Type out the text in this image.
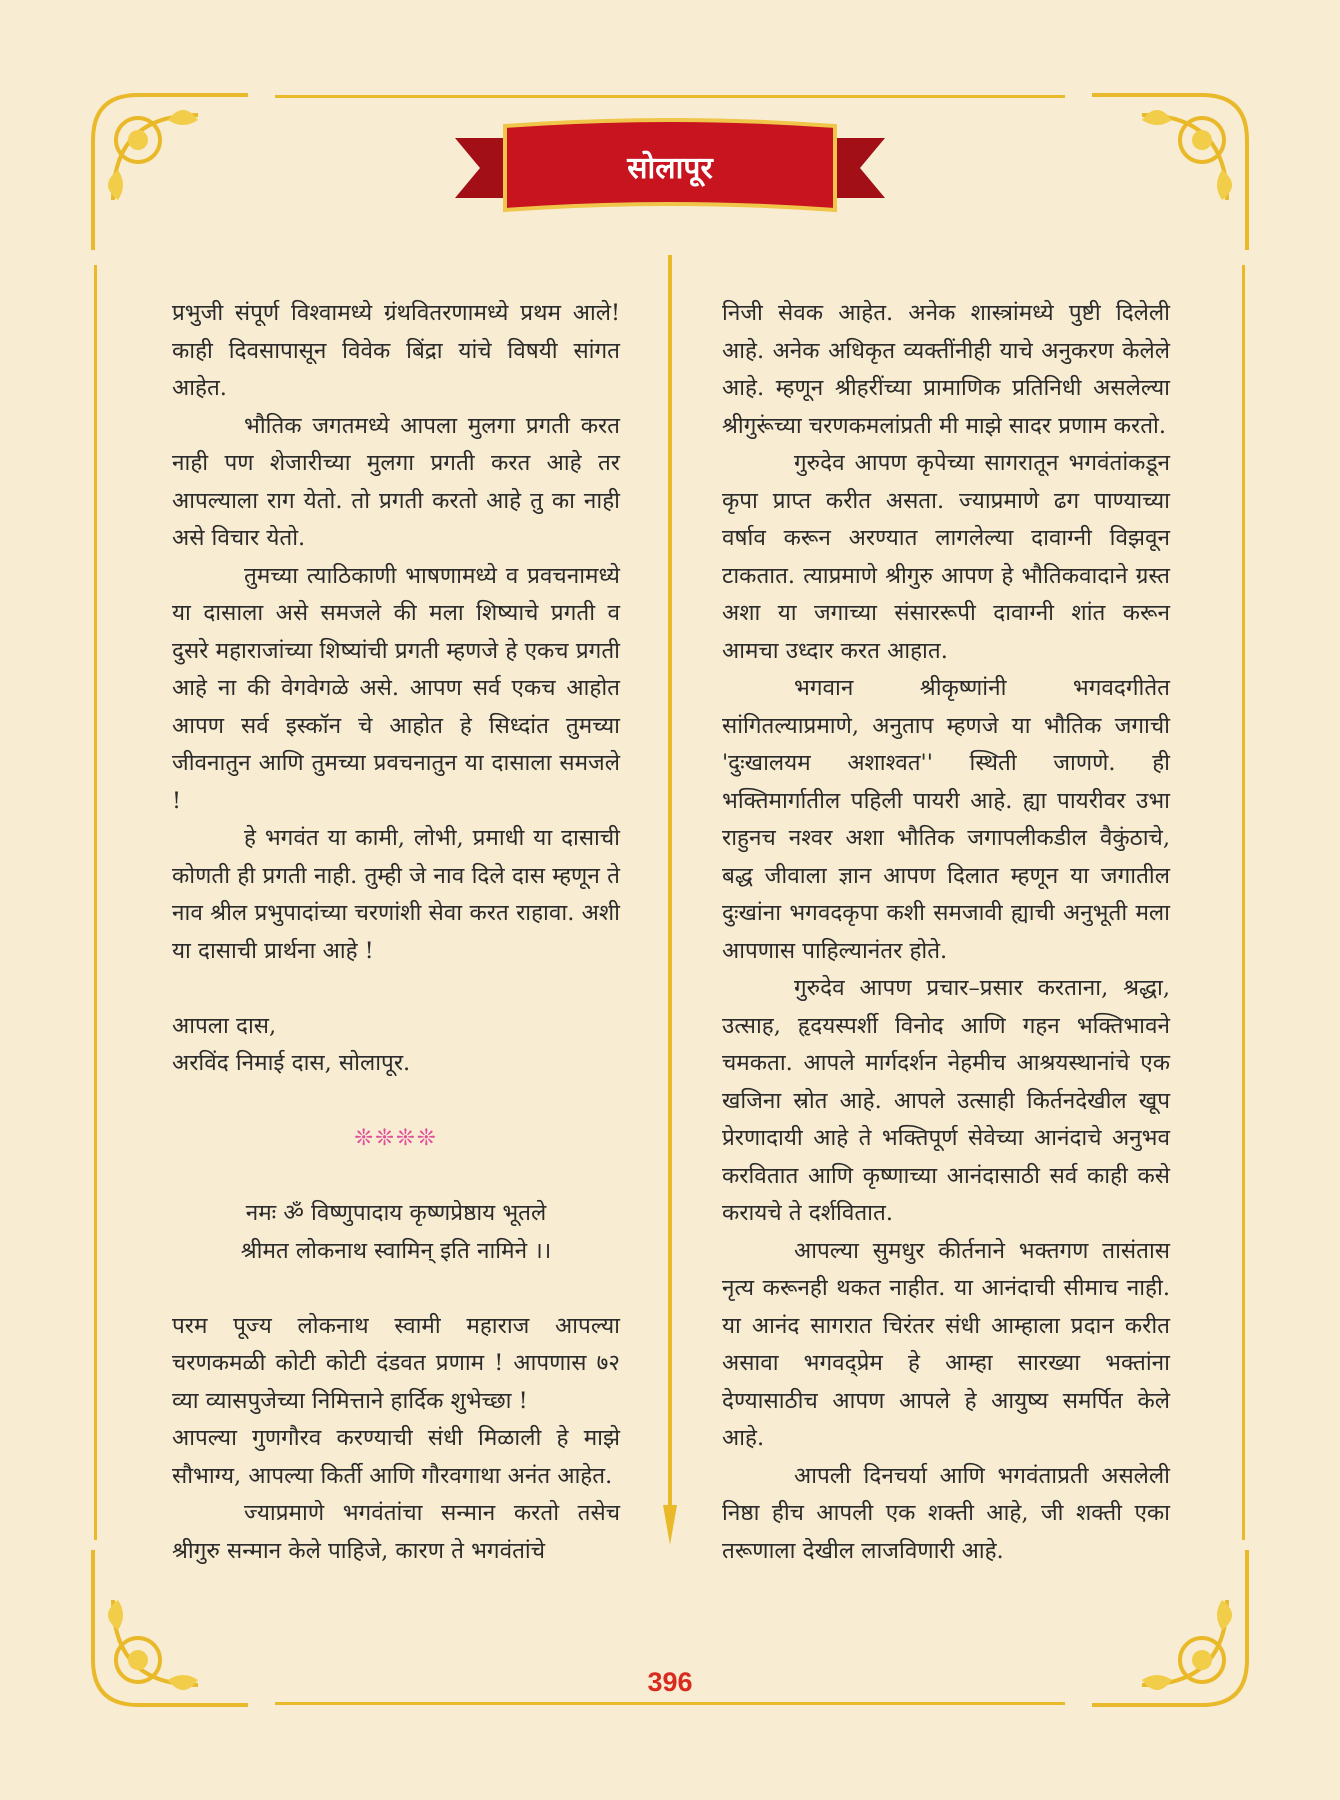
सोलापूर

प्रभुजी संपूर्ण विश्वामध्ये ग्रंथवितरणामध्ये प्रथम आले! काही दिवसापासून विवेक बिंद्रा यांचे विषयी सांगत आहेत.

भौतिक जगतमध्ये आपला मुलगा प्रगती करत नाही पण शेजारीच्या मुलगा प्रगती करत आहे तर आपल्याला राग येतो. तो प्रगती करतो आहे तु का नाही असे विचार येतो.

तुमच्या त्याठिकाणी भाषणामध्ये व प्रवचनामध्ये या दासाला असे समजले की मला शिष्याचे प्रगती व दुसरे महाराजांच्या शिष्यांची प्रगती म्हणजे हे एकच प्रगती आहे ना की वेगवेगळे असे. आपण सर्व एकच आहोत आपण सर्व इस्कॉन चे आहोत हे सिध्दांत तुमच्या जीवनातुन आणि तुमच्या प्रवचनातुन या दासाला समजले !

हे भगवंत या कामी, लोभी, प्रमाधी या दासाची कोणती ही प्रगती नाही. तुम्ही जे नाव दिले दास म्हणून ते नाव श्रील प्रभुपादांच्या चरणांशी सेवा करत राहावा. अशी या दासाची प्रार्थना आहे !

आपला दास,

अरविंद निमाई दास, सोलापूर.

❊❊❊❊

नमः ॐ विष्णुपादाय कृष्णप्रेष्ठाय भूतले

श्रीमत लोकनाथ स्वामिन् इति नामिने ।।

परम पूज्य लोकनाथ स्वामी महाराज आपल्या चरणकमळी कोटी कोटी दंडवत प्रणाम ! आपणास ७२ व्या व्यासपुजेच्या निमित्ताने हार्दिक शुभेच्छा !

आपल्या गुणगौरव करण्याची संधी मिळाली हे माझे सौभाग्य, आपल्या किर्ती आणि गौरवगाथा अनंत आहेत.

ज्याप्रमाणे भगवंतांचा सन्मान करतो तसेच श्रीगुरु सन्मान केले पाहिजे, कारण ते भगवंतांचे

निजी सेवक आहेत. अनेक शास्त्रांमध्ये पुष्टी दिलेली आहे. अनेक अधिकृत व्यक्तींनीही याचे अनुकरण केलेले आहे. म्हणून श्रीहरींच्या प्रामाणिक प्रतिनिधी असलेल्या श्रीगुरूंच्या चरणकमलांप्रती मी माझे सादर प्रणाम करतो.

गुरुदेव आपण कृपेच्या सागरातून भगवंतांकडून कृपा प्राप्त करीत असता. ज्याप्रमाणे ढग पाण्याच्या वर्षाव करून अरण्यात लागलेल्या दावाग्नी विझवून टाकतात. त्याप्रमाणे श्रीगुरु आपण हे भौतिकवादाने ग्रस्त अशा या जगाच्या संसाररूपी दावाग्नी शांत करून आमचा उध्दार करत आहात.

भगवान श्रीकृष्णांनी भगवदगीतेत सांगितल्याप्रमाणे, अनुताप म्हणजे या भौतिक जगाची 'दुःखालयम अशाश्वत'' स्थिती जाणणे. ही भक्तिमार्गातील पहिली पायरी आहे. ह्या पायरीवर उभा राहुनच नश्वर अशा भौतिक जगापलीकडील वैकुंठाचे, बद्ध जीवाला ज्ञान आपण दिलात म्हणून या जगातील दुःखांना भगवदकृपा कशी समजावी ह्याची अनुभूती मला आपणास पाहिल्यानंतर होते.

गुरुदेव आपण प्रचार–प्रसार करताना, श्रद्धा, उत्साह, हृदयस्पर्शी विनोद आणि गहन भक्तिभावने चमकता. आपले मार्गदर्शन नेहमीच आश्रयस्थानांचे एक खजिना स्रोत आहे. आपले उत्साही किर्तनदेखील खूप प्रेरणादायी आहे ते भक्तिपूर्ण सेवेच्या आनंदाचे अनुभव करवितात आणि कृष्णाच्या आनंदासाठी सर्व काही कसे करायचे ते दर्शवितात.

आपल्या सुमधुर कीर्तनाने भक्तगण तासंतास नृत्य करूनही थकत नाहीत. या आनंदाची सीमाच नाही. या आनंद सागरात चिरंतर संधी आम्हाला प्रदान करीत असावा भगवद्प्रेम हे आम्हा सारख्या भक्तांना देण्यासाठीच आपण आपले हे आयुष्य समर्पित केले आहे.

आपली दिनचर्या आणि भगवंताप्रती असलेली निष्ठा हीच आपली एक शक्ती आहे, जी शक्ती एका तरूणाला देखील लाजविणारी आहे.

396
